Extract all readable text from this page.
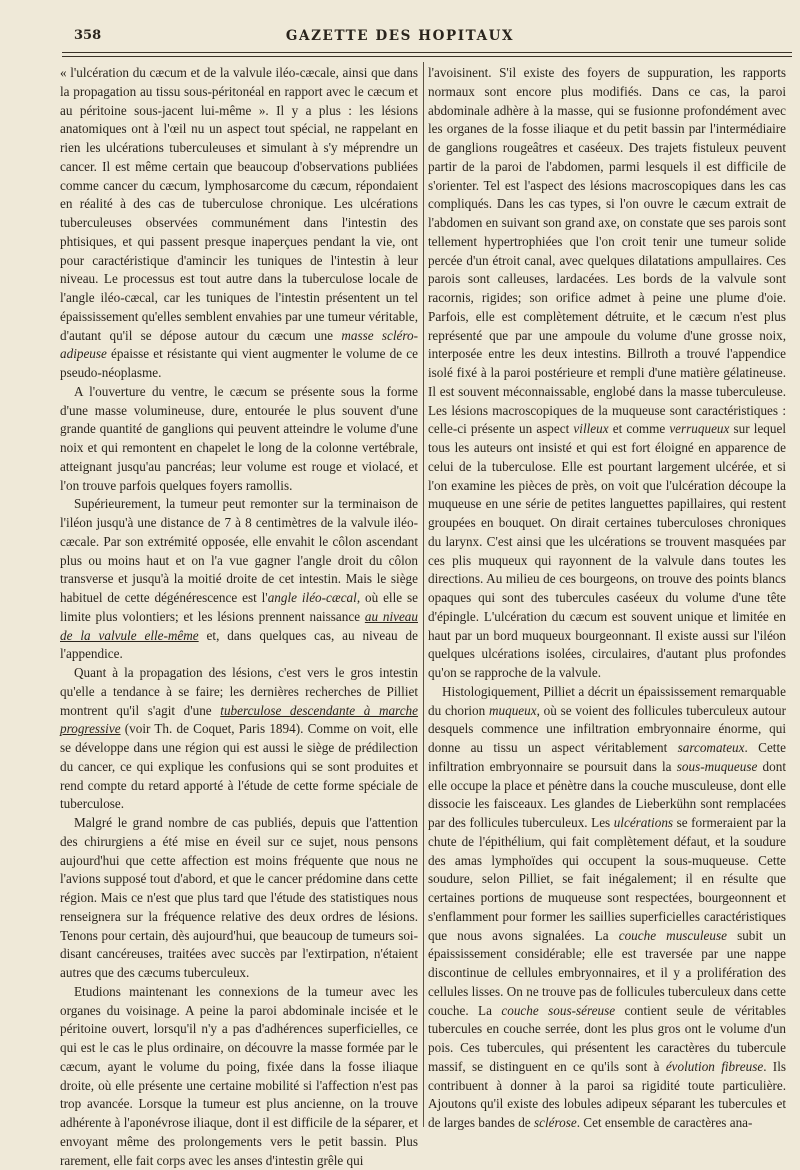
358	GAZETTE DES HOPITAUX

« l'ulcération du cæcum et de la valvule iléo-cæcale, ainsi que dans la propagation au tissu sous-péritonéal en rapport avec le cæcum et au péritoine sous-jacent lui-même ». Il y a plus : les lésions anatomiques ont à l'œil nu un aspect tout spécial, ne rappelant en rien les ulcérations tuberculeuses et simulant à s'y méprendre un cancer. Il est même certain que beaucoup d'observations publiées comme cancer du cæcum, lymphosarcome du cæcum, répondaient en réalité à des cas de tuberculose chronique. Les ulcérations tuberculeuses observées communément dans l'intestin des phtisiques, et qui passent presque inaperçues pendant la vie, ont pour caractéristique d'amincir les tuniques de l'intestin à leur niveau. Le processus est tout autre dans la tuberculose locale de l'angle iléo-cæcal, car les tuniques de l'intestin présentent un tel épaississement qu'elles semblent envahies par une tumeur véritable, d'autant qu'il se dépose autour du cæcum une masse scléro-adipeuse épaisse et résistante qui vient augmenter le volume de ce pseudo-néoplasme.

A l'ouverture du ventre, le cæcum se présente sous la forme d'une masse volumineuse, dure, entourée le plus souvent d'une grande quantité de ganglions qui peuvent atteindre le volume d'une noix et qui remontent en chapelet le long de la colonne vertébrale, atteignant jusqu'au pancréas; leur volume est rouge et violacé, et l'on trouve parfois quelques foyers ramollis.

Supérieurement, la tumeur peut remonter sur la terminaison de l'iléon jusqu'à une distance de 7 à 8 centimètres de la valvule iléo-cæcale. Par son extrémité opposée, elle envahit le côlon ascendant plus ou moins haut et on l'a vue gagner l'angle droit du côlon transverse et jusqu'à la moitié droite de cet intestin. Mais le siège habituel de cette dégénérescence est l'angle iléo-cæcal, où elle se limite plus volontiers; et les lésions prennent naissance au niveau de la valvule elle-même et, dans quelques cas, au niveau de l'appendice.

Quant à la propagation des lésions, c'est vers le gros intestin qu'elle a tendance à se faire; les dernières recherches de Pilliet montrent qu'il s'agit d'une tuberculose descendante à marche progressive (voir Th. de Coquet, Paris 1894). Comme on voit, elle se développe dans une région qui est aussi le siège de prédilection du cancer, ce qui explique les confusions qui se sont produites et rend compte du retard apporté à l'étude de cette forme spéciale de tuberculose.

Malgré le grand nombre de cas publiés, depuis que l'attention des chirurgiens a été mise en éveil sur ce sujet, nous pensons aujourd'hui que cette affection est moins fréquente que nous ne l'avions supposé tout d'abord, et que le cancer prédomine dans cette région. Mais ce n'est que plus tard que l'étude des statistiques nous renseignera sur la fréquence relative des deux ordres de lésions. Tenons pour certain, dès aujourd'hui, que beaucoup de tumeurs soi-disant cancéreuses, traitées avec succès par l'extirpation, n'étaient autres que des cæcums tuberculeux.

Etudions maintenant les connexions de la tumeur avec les organes du voisinage. A peine la paroi abdominale incisée et le péritoine ouvert, lorsqu'il n'y a pas d'adhérences superficielles, ce qui est le cas le plus ordinaire, on découvre la masse formée par le cæcum, ayant le volume du poing, fixée dans la fosse iliaque droite, où elle présente une certaine mobilité si l'affection n'est pas trop avancée. Lorsque la tumeur est plus ancienne, on la trouve adhérente à l'aponévrose iliaque, dont il est difficile de la séparer, et envoyant même des prolongements vers le petit bassin. Plus rarement, elle fait corps avec les anses d'intestin grêle qui

l'avoisinent. S'il existe des foyers de suppuration, les rapports normaux sont encore plus modifiés. Dans ce cas, la paroi abdominale adhère à la masse, qui se fusionne profondément avec les organes de la fosse iliaque et du petit bassin par l'intermédiaire de ganglions rougeâtres et caséeux. Des trajets fistuleux peuvent partir de la paroi de l'abdomen, parmi lesquels il est difficile de s'orienter. Tel est l'aspect des lésions macroscopiques dans les cas compliqués. Dans les cas types, si l'on ouvre le cæcum extrait de l'abdomen en suivant son grand axe, on constate que ses parois sont tellement hypertrophiées que l'on croit tenir une tumeur solide percée d'un étroit canal, avec quelques dilatations ampullaires. Ces parois sont calleuses, lardacées. Les bords de la valvule sont racornis, rigides; son orifice admet à peine une plume d'oie. Parfois, elle est complètement détruite, et le cæcum n'est plus représenté que par une ampoule du volume d'une grosse noix, interposée entre les deux intestins. Billroth a trouvé l'appendice isolé fixé à la paroi postérieure et rempli d'une matière gélatineuse. Il est souvent méconnaissable, englobé dans la masse tuberculeuse. Les lésions macroscopiques de la muqueuse sont caractéristiques : celle-ci présente un aspect villeux et comme verruqueux sur lequel tous les auteurs ont insisté et qui est fort éloigné en apparence de celui de la tuberculose. Elle est pourtant largement ulcérée, et si l'on examine les pièces de près, on voit que l'ulcération découpe la muqueuse en une série de petites languettes papillaires, qui restent groupées en bouquet. On dirait certaines tuberculoses chroniques du larynx. C'est ainsi que les ulcérations se trouvent masquées par ces plis muqueux qui rayonnent de la valvule dans toutes les directions. Au milieu de ces bourgeons, on trouve des points blancs opaques qui sont des tubercules caséeux du volume d'une tête d'épingle. L'ulcération du cæcum est souvent unique et limitée en haut par un bord muqueux bourgeonnant. Il existe aussi sur l'iléon quelques ulcérations isolées, circulaires, d'autant plus profondes qu'on se rapproche de la valvule.

Histologiquement, Pilliet a décrit un épaississement remarquable du chorion muqueux, où se voient des follicules tuberculeux autour desquels commence une infiltration embryonnaire énorme, qui donne au tissu un aspect véritablement sarcomateux. Cette infiltration embryonnaire se poursuit dans la sous-muqueuse dont elle occupe la place et pénètre dans la couche musculeuse, dont elle dissocie les faisceaux. Les glandes de Lieberkühn sont remplacées par des follicules tuberculeux. Les ulcérations se formeraient par la chute de l'épithélium, qui fait complètement défaut, et la soudure des amas lymphoïdes qui occupent la sous-muqueuse. Cette soudure, selon Pilliet, se fait inégalement; il en résulte que certaines portions de muqueuse sont respectées, bourgeonnent et s'enflamment pour former les saillies superficielles caractéristiques que nous avons signalées. La couche musculeuse subit un épaississement considérable; elle est traversée par une nappe discontinue de cellules embryonnaires, et il y a prolifération des cellules lisses. On ne trouve pas de follicules tuberculeux dans cette couche. La couche sous-séreuse contient seule de véritables tubercules en couche serrée, dont les plus gros ont le volume d'un pois. Ces tubercules, qui présentent les caractères du tubercule massif, se distinguent en ce qu'ils sont à évolution fibreuse. Ils contribuent à donner à la paroi sa rigidité toute particulière. Ajoutons qu'il existe des lobules adipeux séparant les tubercules et de larges bandes de sclérose. Cet ensemble de caractères ana-
